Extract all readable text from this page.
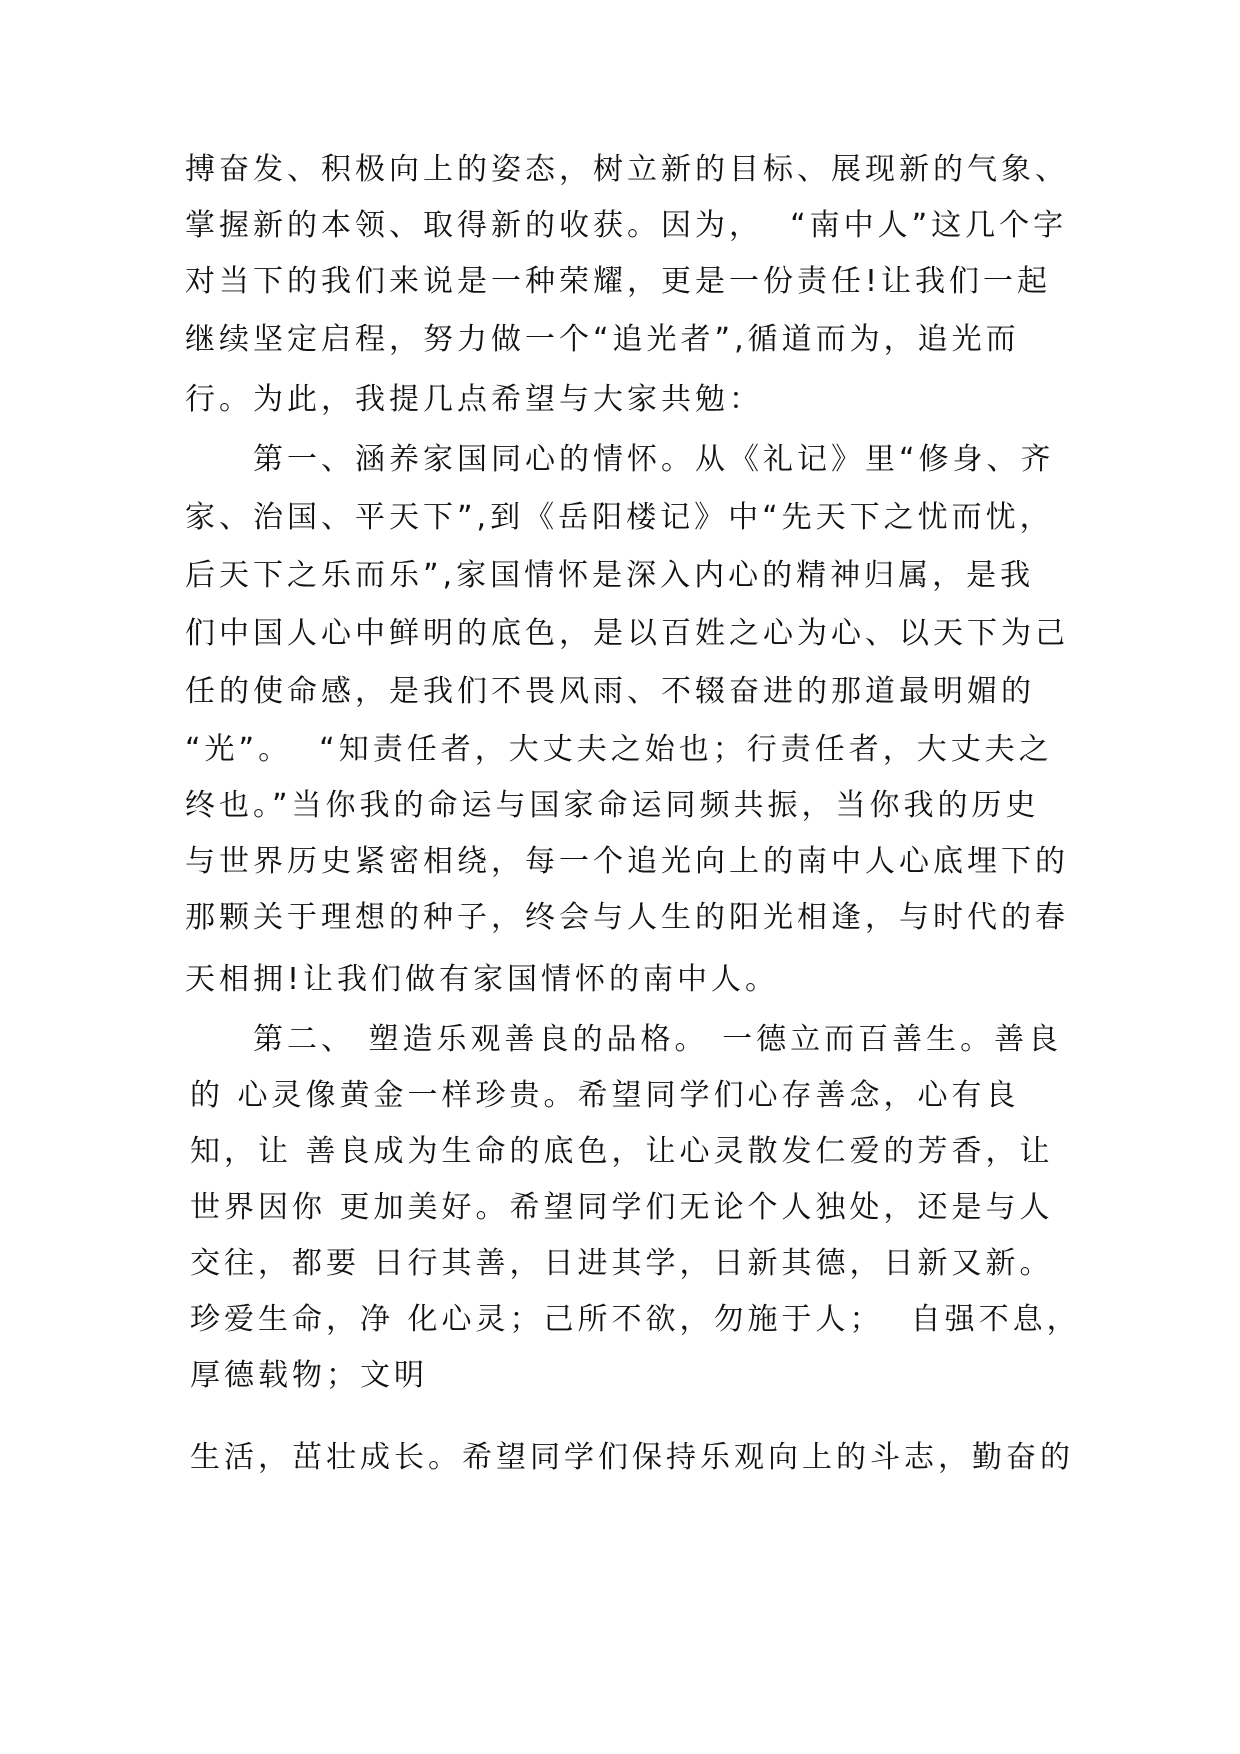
搏奋发、积极向上的姿态，树立新的目标、展现新的气象、
掌握新的本领、取得新的收获。因为，  “南中人”这几个字
对当下的我们来说是一种荣耀，更是一份责任!让我们一起
继续坚定启程，努力做一个“追光者”,循道而为，追光而
行。为此，我提几点希望与大家共勉：
第一、涵养家国同心的情怀。从《礼记》里“修身、齐
家、治国、平天下”,到《岳阳楼记》中“先天下之忧而忧，
后天下之乐而乐”,家国情怀是深入内心的精神归属，是我
们中国人心中鲜明的底色，是以百姓之心为心、以天下为己
任的使命感，是我们不畏风雨、不辍奋进的那道最明媚的
“光”。  “知责任者，大丈夫之始也；行责任者，大丈夫之
终也。”当你我的命运与国家命运同频共振，当你我的历史
与世界历史紧密相绕，每一个追光向上的南中人心底埋下的
那颗关于理想的种子，终会与人生的阳光相逢，与时代的春
天相拥!让我们做有家国情怀的南中人。
第二、 塑造乐观善良的品格。 一德立而百善生。善良
的 心灵像黄金一样珍贵。希望同学们心存善念，心有良
知，让 善良成为生命的底色，让心灵散发仁爱的芳香，让
世界因你 更加美好。希望同学们无论个人独处，还是与人
交往，都要 日行其善，日进其学，日新其德，日新又新。
珍爱生命，净 化心灵；己所不欲，勿施于人；  自强不息，
厚德载物；文明
生活，茁壮成长。希望同学们保持乐观向上的斗志，勤奋的
